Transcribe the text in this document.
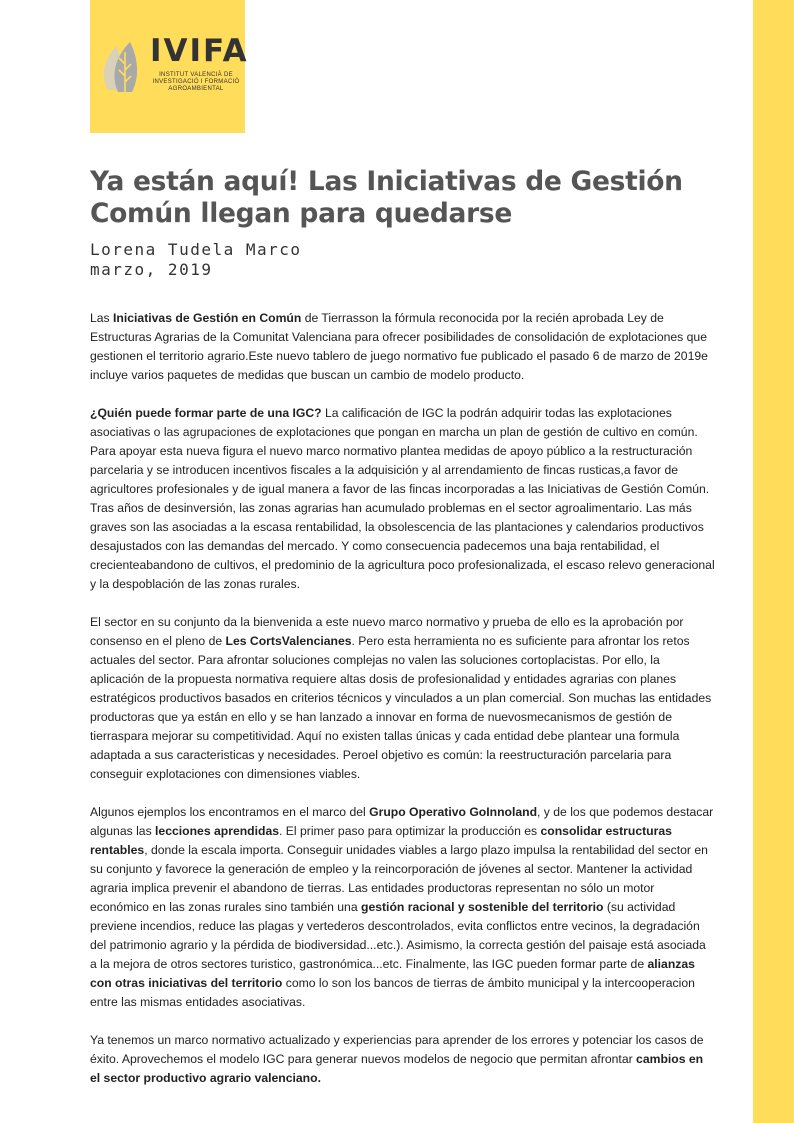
IVIFA
INSTITUT VALENCIÀ DE
INVESTIGACIÓ I FORMACIÓ
AGROAMBIENTAL
Ya están aquí! Las Iniciativas de Gestión Común llegan para quedarse
Lorena Tudela Marco
marzo, 2019

Las Iniciativas de Gestión en Común de Tierrasson la fórmula reconocida por la recién aprobada Ley de Estructuras Agrarias de la Comunitat Valenciana para ofrecer posibilidades de consolidación de explotaciones que gestionen el territorio agrario.Este nuevo tablero de juego normativo fue publicado el pasado 6 de marzo de 2019e incluye varios paquetes de medidas que buscan un cambio de modelo producto.

¿Quién puede formar parte de una IGC? La calificación de IGC la podrán adquirir todas las explotaciones asociativas o las agrupaciones de explotaciones que pongan en marcha un plan de gestión de cultivo en común. Para apoyar esta nueva figura el nuevo marco normativo plantea medidas de apoyo público a la restructuración parcelaria y se introducen incentivos fiscales a la adquisición y al arrendamiento de fincas rusticas,a favor de agricultores profesionales y de igual manera a favor de las fincas incorporadas a las Iniciativas de Gestión Común. Tras años de desinversión, las zonas agrarias han acumulado problemas en el sector agroalimentario. Las más graves son las asociadas a la escasa rentabilidad, la obsolescencia de las plantaciones y calendarios productivos desajustados con las demandas del mercado. Y como consecuencia padecemos una baja rentabilidad, el crecienteabandono de cultivos, el predominio de la agricultura poco profesionalizada, el escaso relevo generacional y la despoblación de las zonas rurales.

El sector en su conjunto da la bienvenida a este nuevo marco normativo y prueba de ello es la aprobación por consenso en el pleno de Les CortsValencianes. Pero esta herramienta no es suficiente para afrontar los retos actuales del sector. Para afrontar soluciones complejas no valen las soluciones cortoplacistas. Por ello, la aplicación de la propuesta normativa requiere altas dosis de profesionalidad y entidades agrarias con planes estratégicos productivos basados en criterios técnicos y vinculados a un plan comercial. Son muchas las entidades productoras que ya están en ello y se han lanzado a innovar en forma de nuevosmecanismos de gestión de tierraspara mejorar su competitividad. Aquí no existen tallas únicas y cada entidad debe plantear una formula adaptada a sus caracteristicas y necesidades. Peroel objetivo es común: la reestructuración parcelaria para conseguir explotaciones con dimensiones viables.

Algunos ejemplos los encontramos en el marco del Grupo Operativo GoInnoland, y de los que podemos destacar algunas las lecciones aprendidas. El primer paso para optimizar la producción es consolidar estructuras rentables, donde la escala importa. Conseguir unidades viables a largo plazo impulsa la rentabilidad del sector en su conjunto y favorece la generación de empleo y la reincorporación de jóvenes al sector. Mantener la actividad agraria implica prevenir el abandono de tierras. Las entidades productoras representan no sólo un motor económico en las zonas rurales sino también una gestión racional y sostenible del territorio (su actividad previene incendios, reduce las plagas y vertederos descontrolados, evita conflictos entre vecinos, la degradación del patrimonio agrario y la pérdida de biodiversidad...etc.). Asimismo, la correcta gestión del paisaje está asociada a la mejora de otros sectores turistico, gastronómica...etc. Finalmente, las IGC pueden formar parte de alianzas con otras iniciativas del territorio como lo son los bancos de tierras de ámbito municipal y la intercooperacion entre las mismas entidades asociativas.

Ya tenemos un marco normativo actualizado y experiencias para aprender de los errores y potenciar los casos de éxito. Aprovechemos el modelo IGC para generar nuevos modelos de negocio que permitan afrontar cambios en el sector productivo agrario valenciano.
